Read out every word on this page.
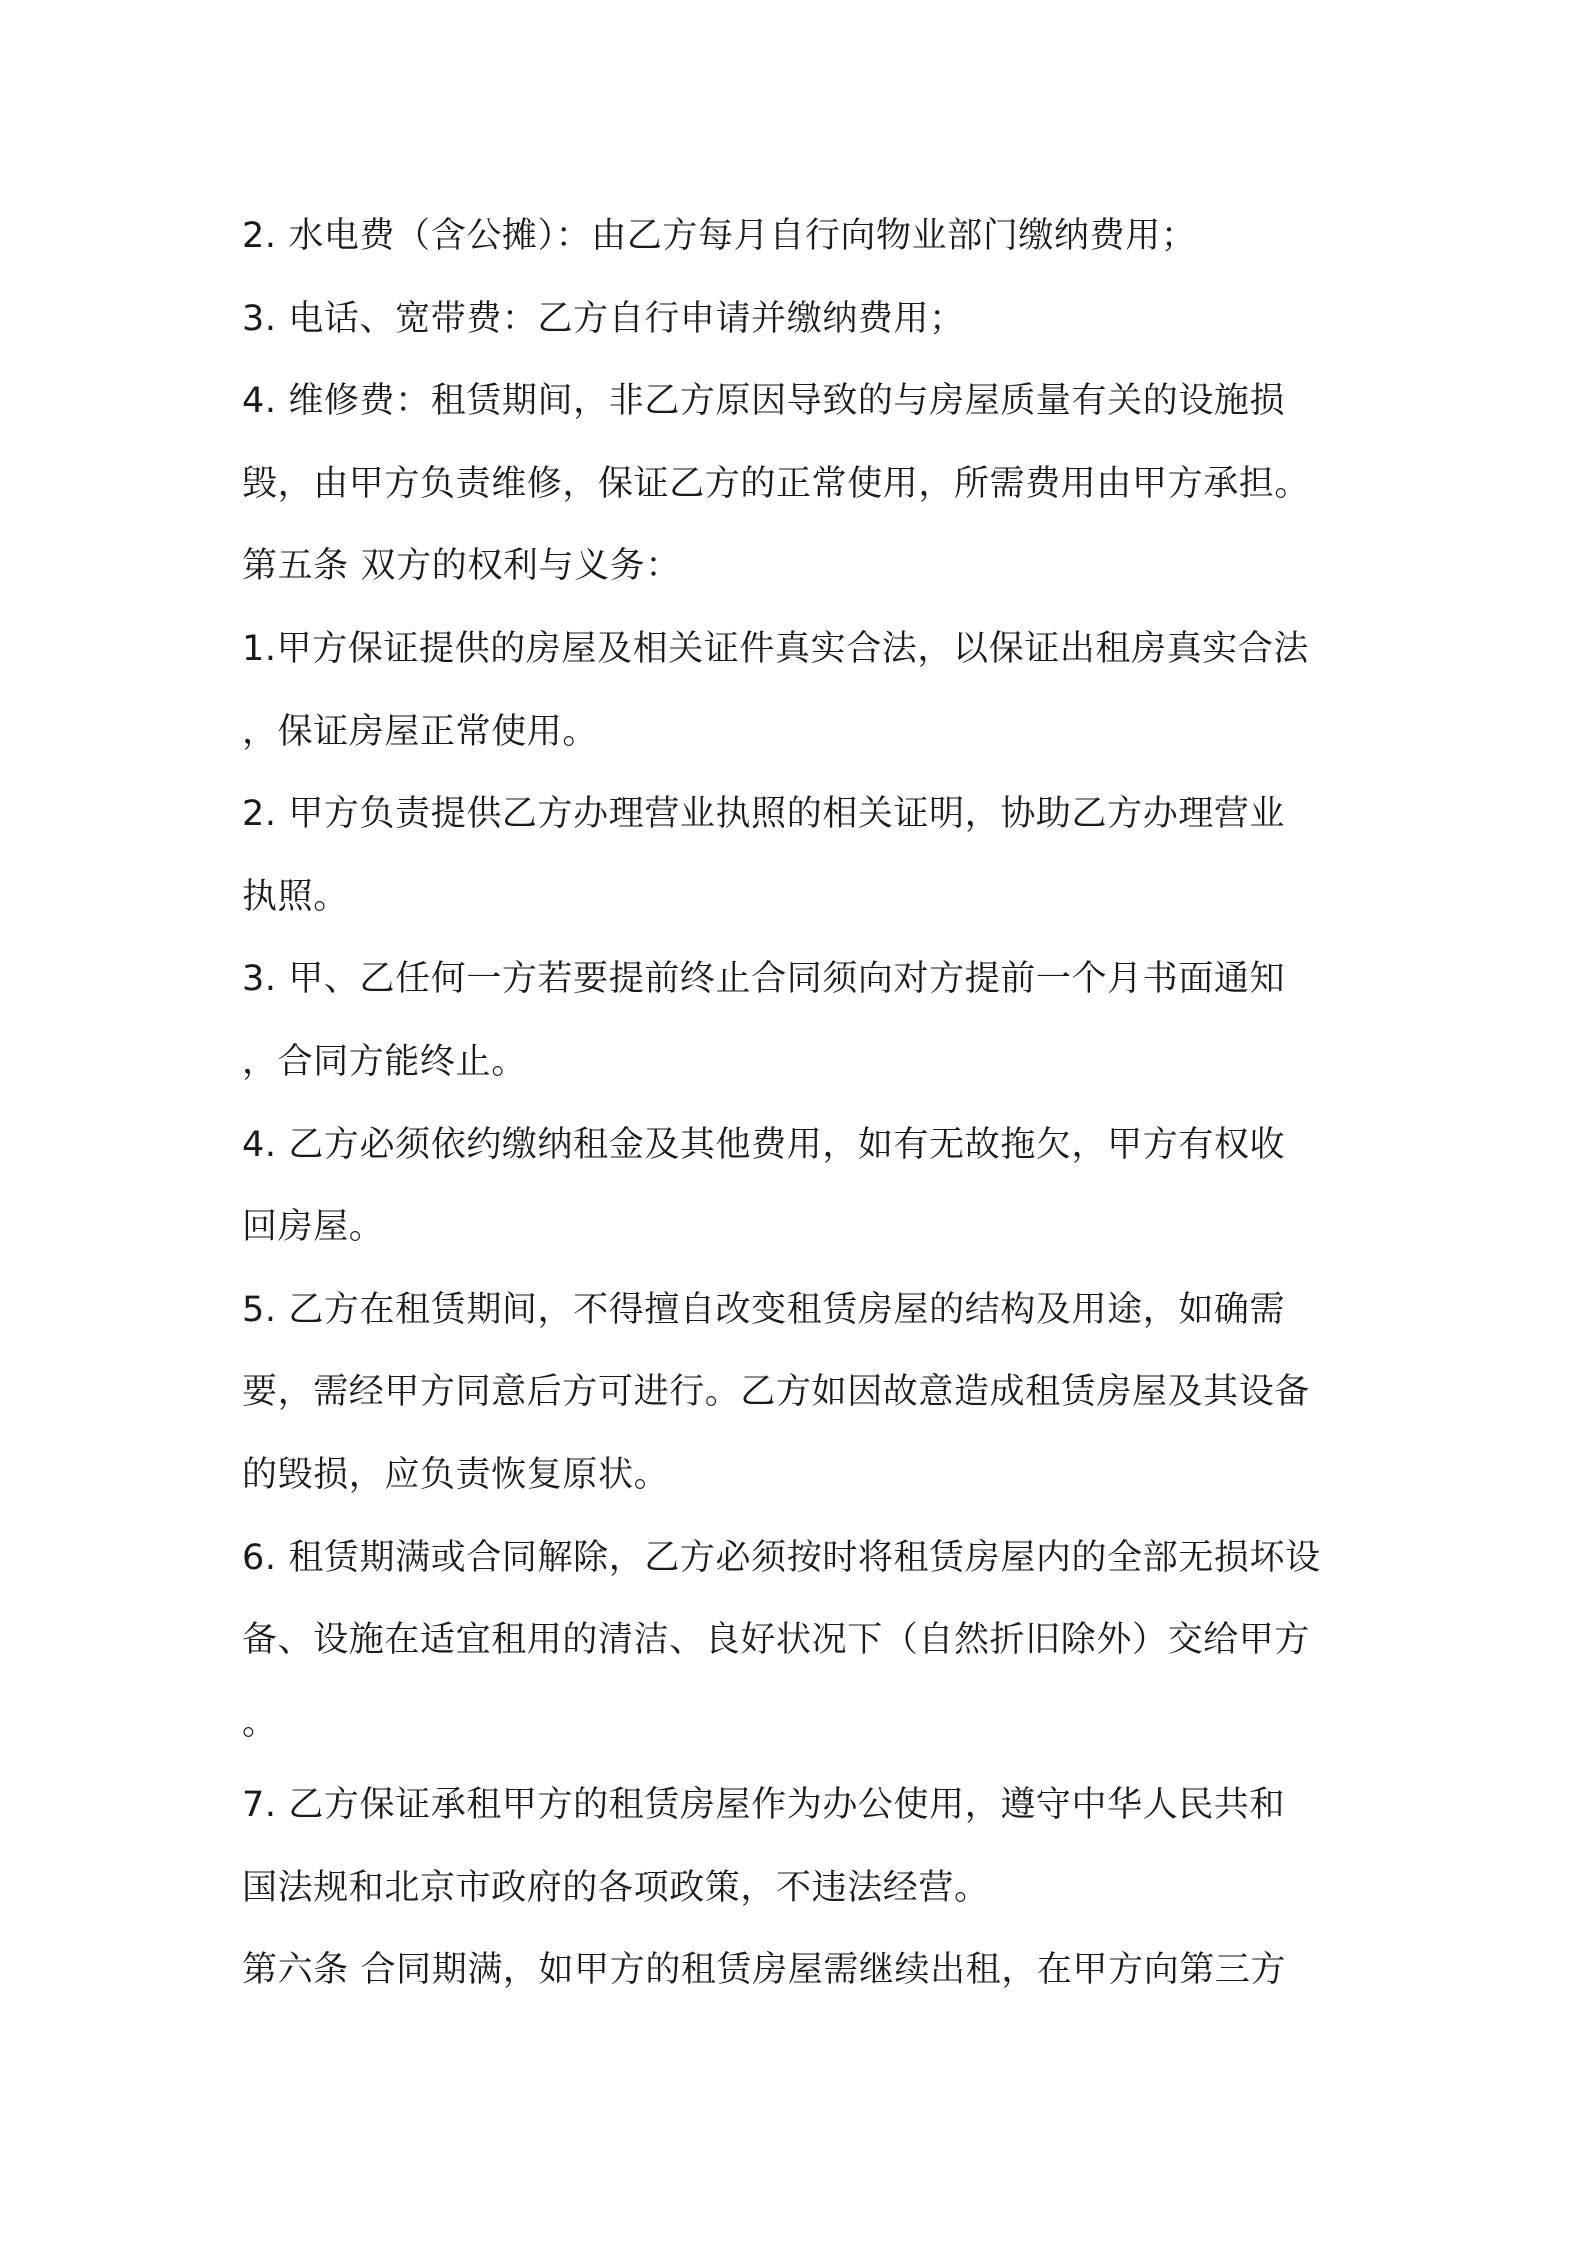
2. 水电费（含公摊）：由乙方每月自行向物业部门缴纳费用；
3. 电话、宽带费：乙方自行申请并缴纳费用；
4. 维修费：租赁期间，非乙方原因导致的与房屋质量有关的设施损
毁，由甲方负责维修，保证乙方的正常使用，所需费用由甲方承担。
第五条 双方的权利与义务：
1.甲方保证提供的房屋及相关证件真实合法，以保证出租房真实合法
，保证房屋正常使用。
2. 甲方负责提供乙方办理营业执照的相关证明，协助乙方办理营业
执照。
3. 甲、乙任何一方若要提前终止合同须向对方提前一个月书面通知
，合同方能终止。
4. 乙方必须依约缴纳租金及其他费用，如有无故拖欠，甲方有权收
回房屋。
5. 乙方在租赁期间，不得擅自改变租赁房屋的结构及用途，如确需
要，需经甲方同意后方可进行。乙方如因故意造成租赁房屋及其设备
的毁损，应负责恢复原状。
6. 租赁期满或合同解除，乙方必须按时将租赁房屋内的全部无损坏设
备、设施在适宜租用的清洁、良好状况下（自然折旧除外）交给甲方
。
7. 乙方保证承租甲方的租赁房屋作为办公使用，遵守中华人民共和
国法规和北京市政府的各项政策，不违法经营。
第六条 合同期满，如甲方的租赁房屋需继续出租，在甲方向第三方
